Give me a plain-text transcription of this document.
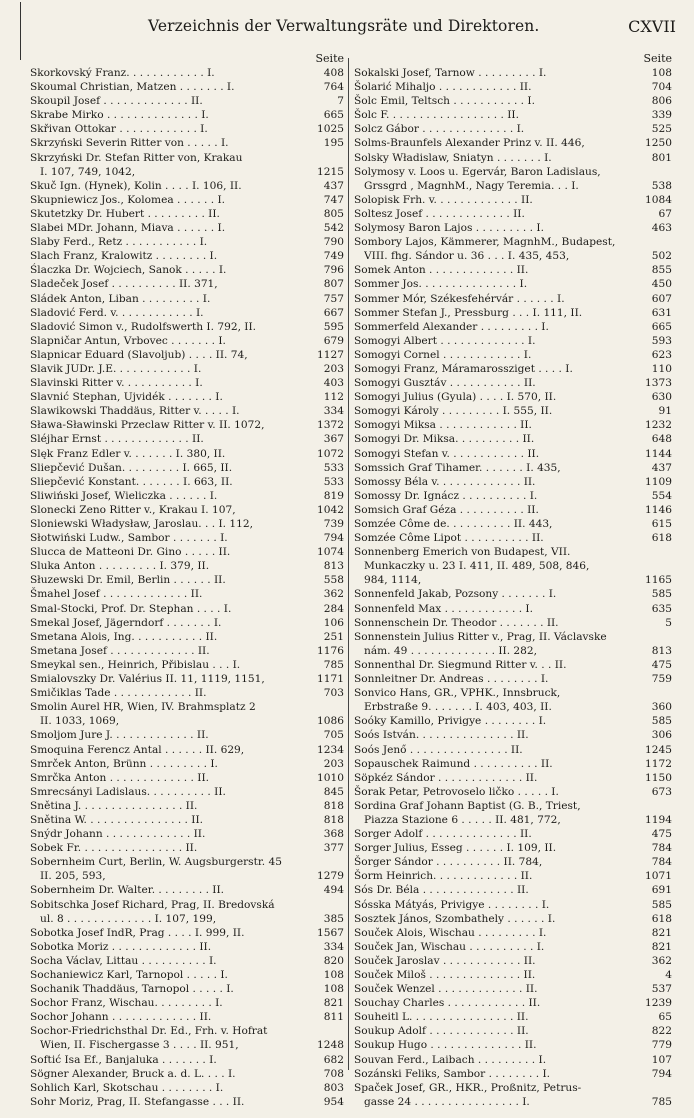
Verzeichnis der Verwaltungsräte und Direktoren.	CXVII
Seite
Skorkovský Franz. . . . . . . . . . . . I.	408
Skoumal Christian, Matzen . . . . . . . I.	764
Skoupil Josef . . . . . . . . . . . . . II.	7
Skrabe Mirko . . . . . . . . . . . . . . I.	665
Skřivan Ottokar . . . . . . . . . . . . I.	1025
Skrzyński Severin Ritter von . . . . . I.	195
Skrzyński Dr. Stefan Ritter von, Krakau
I. 107, 749, 1042,	1215
Skuč Ign. (Hynek), Kolin . . . . I. 106, II.	437
Skupniewicz Jos., Kolomea . . . . . . I.	747
Skutetzky Dr. Hubert . . . . . . . . . II.	805
Slabei MDr. Johann, Miava . . . . . . I.	542
Slaby Ferd., Retz . . . . . . . . . . . I.	790
Slach Franz, Kralowitz . . . . . . . . I.	749
Ślaczka Dr. Wojciech, Sanok . . . . . I.	796
Sladeček Josef . . . . . . . . . . II. 371,	807
Sládek Anton, Liban . . . . . . . . . I.	757
Sladović Ferd. v. . . . . . . . . . . . I.	667
Sladović Simon v., Rudolfswerth I. 792, II.	595
Slapničar Antun, Vrbovec . . . . . . . I.	679
Slapnicar Eduard (Slavoljub) . . . . II. 74,	1127
Slavik JUDr. J.E. . . . . . . . . . . . I.	203
Slavinski Ritter v. . . . . . . . . . . I.	403
Slavnić Stephan, Ujvidék . . . . . . . I.	112
Slawikowski Thaddäus, Ritter v. . . . . I.	334
Sława-Sławinski Przeclaw Ritter v. II. 1072,	1372
Sléjhar Ernst . . . . . . . . . . . . . II.	367
Slęk Franz Edler v. . . . . . . I. 380, II.	1072
Sliepčević Dušan. . . . . . . . . I. 665, II.	533
Sliepčević Konstant. . . . . . . I. 663, II.	533
Sliwiński Josef, Wieliczka . . . . . . I.	819
Slonecki Zeno Ritter v., Krakau I. 107,	1042
Sloniewski Władysław, Jaroslau. . . I. 112,	739
Słotwiński Ludw., Sambor . . . . . . . I.	794
Slucca de Matteoni Dr. Gino . . . . . II.	1074
Sluka Anton . . . . . . . . . I. 379, II.	813
Słuzewski Dr. Emil, Berlin . . . . . . II.	558
Šmahel Josef . . . . . . . . . . . . . II.	362
Smal-Stocki, Prof. Dr. Stephan . . . . I.	284
Smekal Josef, Jägerndorf . . . . . . . I.	106
Smetana Alois, Ing. . . . . . . . . . . II.	251
Smetana Josef . . . . . . . . . . . . . II.	1176
Smeykal sen., Heinrich, Přibislau . . . I.	785
Smialovszky Dr. Valérius II. 11, 1119, 1151,	1171
Smičiklas Tade . . . . . . . . . . . . II.	703
Smolin Aurel HR, Wien, IV. Brahmsplatz 2
II. 1033, 1069,	1086
Smoljom Jure J. . . . . . . . . . . . . II.	705
Smoquina Ferencz Antal . . . . . . II. 629,	1234
Smrček Anton, Brünn . . . . . . . . . I.	203
Smrčka Anton . . . . . . . . . . . . . II.	1010
Smrecsányi Ladislaus. . . . . . . . . . II.	845
Snětina J. . . . . . . . . . . . . . . . II.	818
Snětina W. . . . . . . . . . . . . . . . II.	818
Snýdr Johann . . . . . . . . . . . . . II.	368
Sobek Fr. . . . . . . . . . . . . . . . II.	377
Sobernheim Curt, Berlin, W. Augsburgerstr. 45
II. 205, 593,	1279
Sobernheim Dr. Walter. . . . . . . . . II.	494
Sobitschka Josef Richard, Prag, II. Bredovská
ul. 8 . . . . . . . . . . . . . I. 107, 199,	385
Sobotka Josef IndR, Prag . . . . I. 999, II.	1567
Sobotka Moriz . . . . . . . . . . . . . II.	334
Socha Václav, Littau . . . . . . . . . . I.	820
Sochaniewicz Karl, Tarnopol . . . . . I.	108
Sochanik Thaddäus, Tarnopol . . . . . I.	108
Sochor Franz, Wischau. . . . . . . . . I.	821
Sochor Johann . . . . . . . . . . . . . II.	811
Sochor-Friedrichsthal Dr. Ed., Frh. v. Hofrat
Wien, II. Fischergasse 3 . . . . II. 951,	1248
Softić Isa Ef., Banjaluka . . . . . . . I.	682
Sögner Alexander, Bruck a. d. L. . . . I.	708
Sohlich Karl, Skotschau . . . . . . . . I.	803
Sohr Moriz, Prag, II. Stefangasse . . . II.	954
Seite
Sokalski Josef, Tarnow . . . . . . . . . I.	108
Šolarić Mihaljo . . . . . . . . . . . . II.	704
Šolc Emil, Teltsch . . . . . . . . . . . I.	806
Šolc F. . . . . . . . . . . . . . . . . . II.	339
Solcz Gábor . . . . . . . . . . . . . . I.	525
Solms-Braunfels Alexander Prinz v. II. 446,	1250
Solsky Władislaw, Sniatyn . . . . . . . I.	801
Solymosy v. Loos u. Egervár, Baron Ladislaus,
Grssgrd , MagnhM., Nagy Teremia. . . I.	538
Solopisk Frh. v. . . . . . . . . . . . . II.	1084
Soltesz Josef . . . . . . . . . . . . . II.	67
Solymosy Baron Lajos . . . . . . . . . I.	463
Sombory Lajos, Kämmerer, MagnhM., Budapest,
VIII. fhg. Sándor u. 36 . . . I. 435, 453,	502
Somek Anton . . . . . . . . . . . . . II.	855
Sommer Jos. . . . . . . . . . . . . . . I.	450
Sommer Mór, Székesfehérvár . . . . . . I.	607
Sommer Stefan J., Pressburg . . . I. 111, II.	631
Sommerfeld Alexander . . . . . . . . . I.	665
Somogyi Albert . . . . . . . . . . . . . I.	593
Somogyi Cornel . . . . . . . . . . . . I.	623
Somogyi Franz, Máramarossziget . . . . I.	110
Somogyi Gusztáv . . . . . . . . . . . II.	1373
Somogyi Julius (Gyula) . . . . I. 570, II.	630
Somogyi Károly . . . . . . . . . I. 555, II.	91
Somogyi Miksa . . . . . . . . . . . . II.	1232
Somogyi Dr. Miksa. . . . . . . . . . II.	648
Somogyi Stefan v. . . . . . . . . . . . II.	1144
Somssich Graf Tihamer. . . . . . . I. 435,	437
Somossy Béla v. . . . . . . . . . . . . II.	1109
Somossy Dr. Ignácz . . . . . . . . . . I.	554
Somsich Graf Géza . . . . . . . . . . II.	1146
Somzée Côme de. . . . . . . . . . II. 443,	615
Somzée Côme Lipot . . . . . . . . . . II.	618
Sonnenberg Emerich von Budapest, VII.
Munkaczky u. 23 I. 411, II. 489, 508, 846,
984, 1114,	1165
Sonnenfeld Jakab, Pozsony . . . . . . . I.	585
Sonnenfeld Max . . . . . . . . . . . . I.	635
Sonnenschein Dr. Theodor . . . . . . . II.	5
Sonnenstein Julius Ritter v., Prag, II. Václavske
nám. 49 . . . . . . . . . . . . . II. 282,	813
Sonnenthal Dr. Siegmund Ritter v. . . II.	475
Sonnleitner Dr. Andreas . . . . . . . . I.	759
Sonvico Hans, GR., VPHK., Innsbruck,
Erbstraße 9. . . . . . . I. 403, 403, II.	360
Soóky Kamillo, Privigye . . . . . . . . I.	585
Soós István. . . . . . . . . . . . . . . II.	306
Soós Jenő . . . . . . . . . . . . . . . II.	1245
Sopauschek Raimund . . . . . . . . . . II.	1172
Söpkéz Sándor . . . . . . . . . . . . . II.	1150
Šorak Petar, Petrovoselo ličko . . . . . I.	673
Sordina Graf Johann Baptist (G. B., Triest,
Piazza Stazione 6 . . . . . II. 481, 772,	1194
Sorger Adolf . . . . . . . . . . . . . . II.	475
Sorger Julius, Esseg . . . . . . I. 109, II.	784
Šorger Sándor . . . . . . . . . . II. 784,	784
Šorm Heinrich. . . . . . . . . . . . . II.	1071
Sós Dr. Béla . . . . . . . . . . . . . . II.	691
Sósska Mátyás, Privigye . . . . . . . . I.	585
Sosztek János, Szombathely . . . . . . I.	618
Souček Alois, Wischau . . . . . . . . . I.	821
Souček Jan, Wischau . . . . . . . . . . I.	821
Souček Jaroslav . . . . . . . . . . . . II.	362
Souček Miloš . . . . . . . . . . . . . . II.	4
Souček Wenzel . . . . . . . . . . . . . II.	537
Souchay Charles . . . . . . . . . . . . II.	1239
Souheitl L. . . . . . . . . . . . . . . . II.	65
Soukup Adolf . . . . . . . . . . . . . II.	822
Soukup Hugo . . . . . . . . . . . . . . II.	779
Souvan Ferd., Laibach . . . . . . . . . I.	107
Sozánski Feliks, Sambor . . . . . . . . I.	794
Spaček Josef, GR., HKR., Proßnitz, Petrus-
gasse 24 . . . . . . . . . . . . . . . . I.	785
